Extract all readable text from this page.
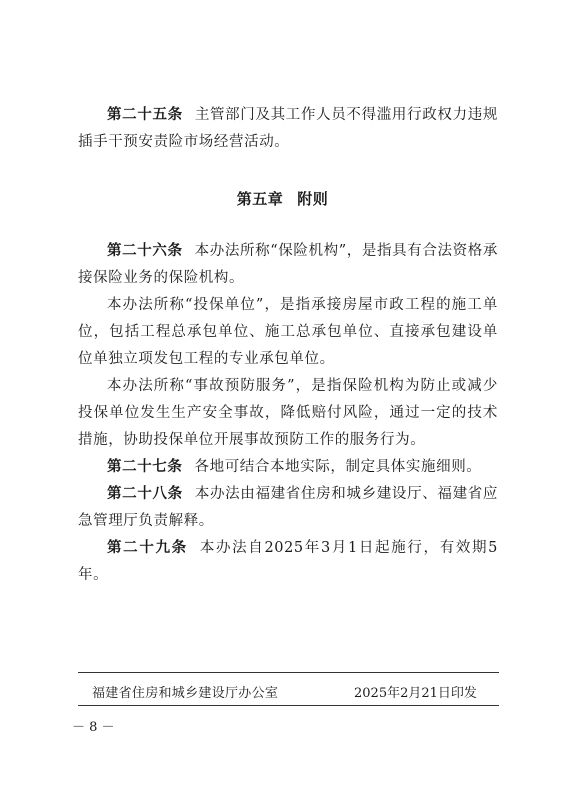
第二十五条 主管部门及其工作人员不得滥用行政权力违规插手干预安责险市场经营活动。

第五章 附则

第二十六条 本办法所称“保险机构”，是指具有合法资格承接保险业务的保险机构。

本办法所称“投保单位”，是指承接房屋市政工程的施工单位，包括工程总承包单位、施工总承包单位、直接承包建设单位单独立项发包工程的专业承包单位。

本办法所称“事故预防服务”，是指保险机构为防止或减少投保单位发生生产安全事故，降低赔付风险，通过一定的技术措施，协助投保单位开展事故预防工作的服务行为。

第二十七条 各地可结合本地实际，制定具体实施细则。

第二十八条 本办法由福建省住房和城乡建设厅、福建省应急管理厅负责解释。

第二十九条 本办法自2025年3月1日起施行，有效期5年。

福建省住房和城乡建设厅办公室	2025年2月21日印发
－ 8 －
